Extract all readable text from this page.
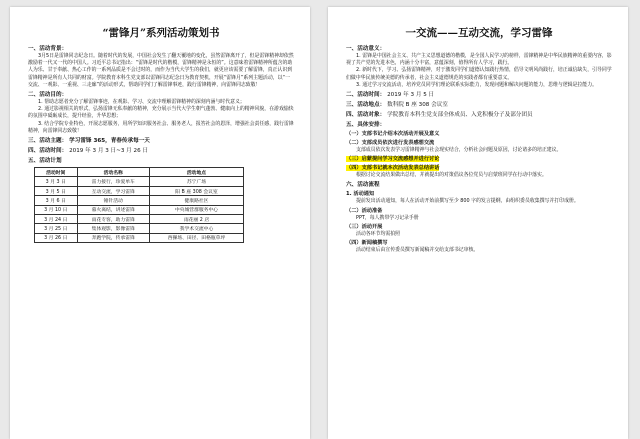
“雷锋月”系列活动策划书
一、活动背景：
3月5日是雷锋同志纪念日。随着时代的发展，中国社会发生了翻天覆地的变化，虽然雷锋离开了，但是雷锋精神却依然激励着一代又一代的中国人。习近平总书记指出：“雷锋是时代的楷模，雷锋精神是永恒的”。这意味着雷锋精神所蕴含的助人为乐、甘于奉献、热心工作的一系列品质是不会过时的，而作为当代大学生的我们，就更应该需要了解雷锋，真正认识到雷锋精神是所有人共同的财富。学院教育本科生党支部以雷锋同志纪念日为教育契机，开展“雷锋月”系列主题活动，以“一交流、一观影、一重视、三走廊”的活动形式，帮助同学们了解雷锋事迹，践行雷锋精神，向雷锋同志致敬！
二、活动目的：
1. 帮助志愿者充分了解雷锋事迹，在观影、学习、交流中理解雷锋精神的深刻内涵与时代意义；
2. 通过影视相关的形式，弘扬雷锋无私奉献的精神，充分展示当代大学生朝气蓬勃、健康向上的精神风貌，在游戏愉快的氛围中砥砺成长，提升经验，升华思想；
3. 结合学院专业特色，开展志愿服务，用所学知识服务社会、服务老人，报答社会的恩泽，增强社会责任感，践行雷锋精神，向雷锋同志致敬！
三、活动主题： 学习雷锋 365，青春传承每一天
四、活动时间： 2019 年 3 月 3 日~3 月 26 日
五、活动计划
活动时间	活动名称	活动地点
3 月 3 日	雷力接行，珍爱单车	苏宁广场
3 月 5 日	互动交流，学习雷锋	阳 B 座 308 会议室
3 月 6 日	锤针活动	健康路社区
3 月 10 日	暮火离结，讲述雷锋	中央城营群服务中心
3 月 24 日	雨花专客，助力雷锋	雨花丽 2 店
3 月 25 日	集体观影，影像雷锋	我学术交流中心
3 月 26 日	奔跑学院，传承雷锋	西操场、田径、田格瓶草坪
一交流——互动交流，学习雷锋
一、活动意义：
1. 雷锋是中国社会主义、共产主义思想道德的楷模，是全国人民学习的榜样，雷锋精神是中华民族精神的重要内容，影视了共产党的先进本色，内涵十分丰富，意蕴深刻，值得所有人学习，践行。
2. 新时代下，学习、弘扬雷锋精神，对于激发同学们道德认知践行热情，倡导文明风尚践行，培正诚信缺失，引导同学们做中华民族传统美德的传承者，社会主义道德规范的实践者都有重要意义。
3. 通过学习交流活动，培养党员同学们理论联系实际能力，发现问题和解决问题的能力，思维与逻辑是拉能力。
二、活动时间： 2019 年 3 月 5 日
三、活动地点： 数科院 B 座 308 会议室
四、活动对象： 学院教育本科生党支部全体成员、入党积极分子及部分团员
五、具体安排：
（一）支部书记介绍本次活动开展及意义
（二）支部成员依次进行发表感想交流
支部成员依次发表学习雷锋精神与社会现实结合，分析社会问题及原因，讨论诸多的培正建议。
（三）启蒙提问学习交流感想并进行讨论
（四）支部书记就本次活动发表总结讲话
根据讨论交流结果做出总结，并就提出的对策倡议各位党员与启蒙班同学在行动中落实。
六、活动流程
1. 活动通知
提前发出活动通知，每人在活动开始前撰写至少 800 字的发言提纲，由组织委员收集撰写并打印成册。
（二）活动准备
PPT，每人携带学习记录手册
（三）活动开展
活动各环节均需拍照
（四）新闻稿撰写
活动结束后由宣传委员撰写新闻稿并交给支部书记审核。
